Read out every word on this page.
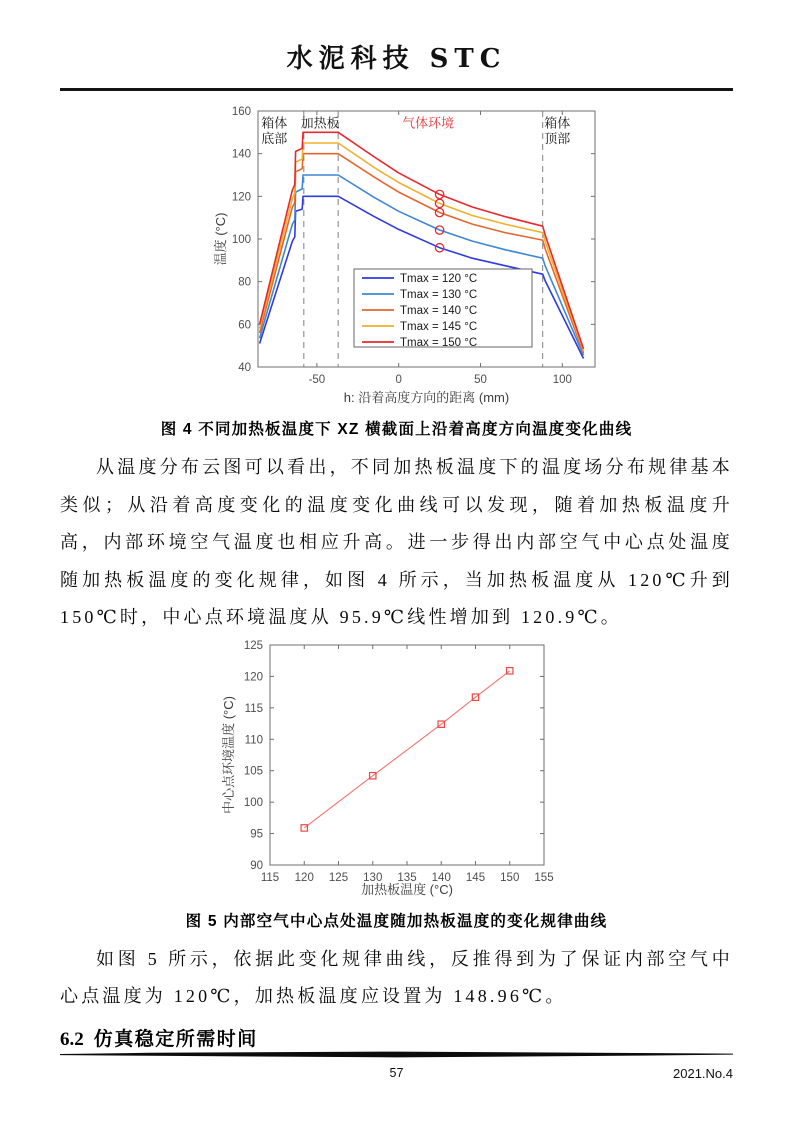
水泥科技 STC
-50	0	50	100
40
60
80
100
120
140
160
箱体底部
加热板	气体环境	箱体顶部
Tmax = 120 °C
Tmax = 130 °C
Tmax = 140 °C
Tmax = 145 °C
Tmax = 150 °C
h: 沿着高度方向的距离 (mm)
温度 (°C)
图 4 不同加热板温度下 XZ 横截面上沿着高度方向温度变化曲线

从温度分布云图可以看出，不同加热板温度下的温度场分布规律基本类似；从沿着高度变化的温度变化曲线可以发现，随着加热板温度升高，内部环境空气温度也相应升高。进一步得出内部空气中心点处温度随加热板温度的变化规律，如图 4 所示，当加热板温度从 120℃升到 150℃时，中心点环境温度从 95.9℃线性增加到 120.9℃。

115 120 125 130 135 140 145 150 155
90
95
100
105
110
115
120
125
加热板温度 (°C)
中心点环境温度 (°C)
图 5 内部空气中心点处温度随加热板温度的变化规律曲线

如图 5 所示，依据此变化规律曲线，反推得到为了保证内部空气中心点温度为 120℃，加热板温度应设置为 148.96℃。

6.2 仿真稳定所需时间
57	2021.No.4
